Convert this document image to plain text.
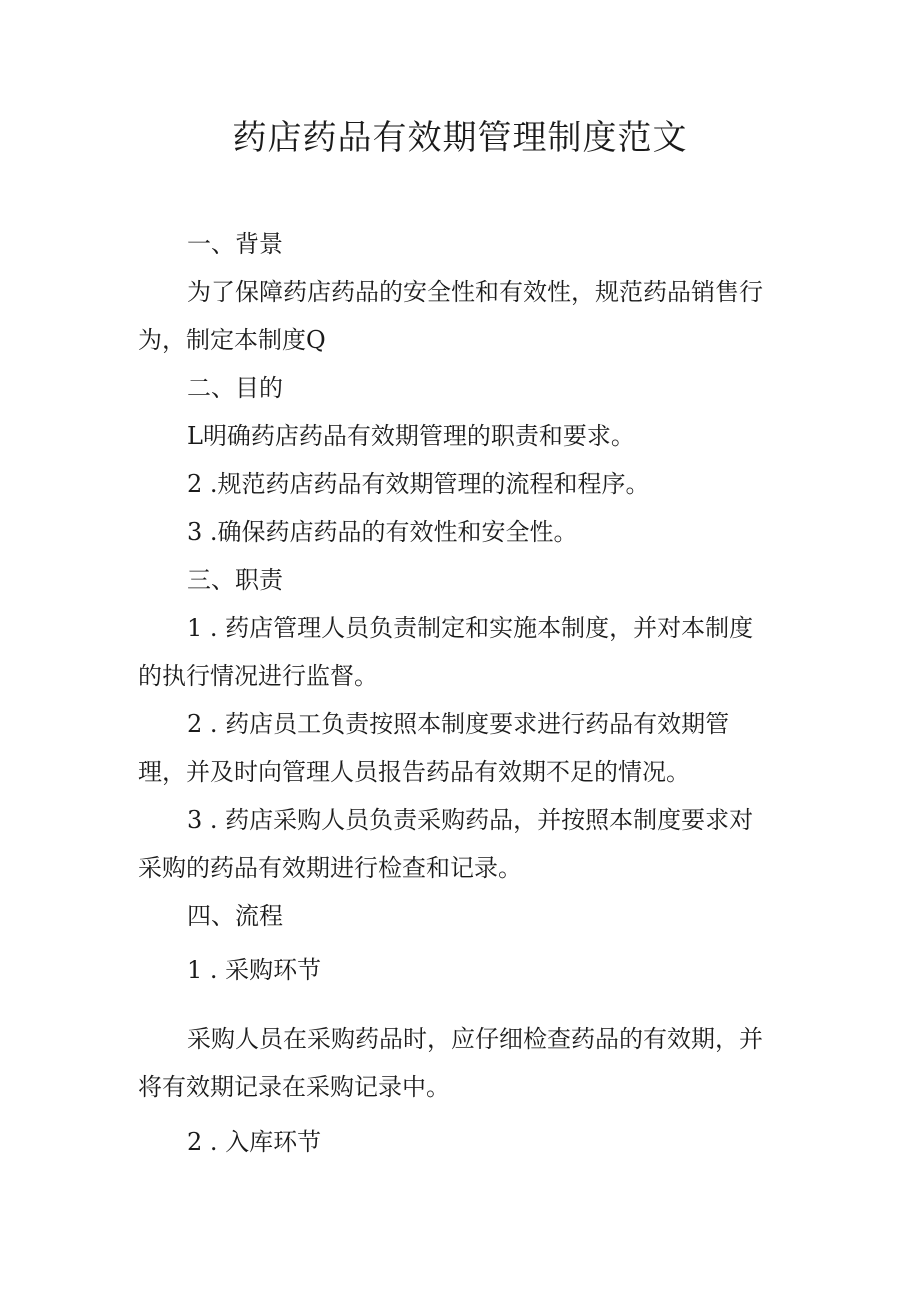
药店药品有效期管理制度范文
一、背景
为了保障药店药品的安全性和有效性，规范药品销售行
为，制定本制度Q
二、目的
L明确药店药品有效期管理的职责和要求。
2 .规范药店药品有效期管理的流程和程序。
3 .确保药店药品的有效性和安全性。
三、职责
1 . 药店管理人员负责制定和实施本制度，并对本制度
的执行情况进行监督。
2 . 药店员工负责按照本制度要求进行药品有效期管
理，并及时向管理人员报告药品有效期不足的情况。
3 . 药店采购人员负责采购药品，并按照本制度要求对
采购的药品有效期进行检查和记录。
四、流程
1 . 采购环节
采购人员在采购药品时，应仔细检查药品的有效期，并
将有效期记录在采购记录中。
2 . 入库环节
